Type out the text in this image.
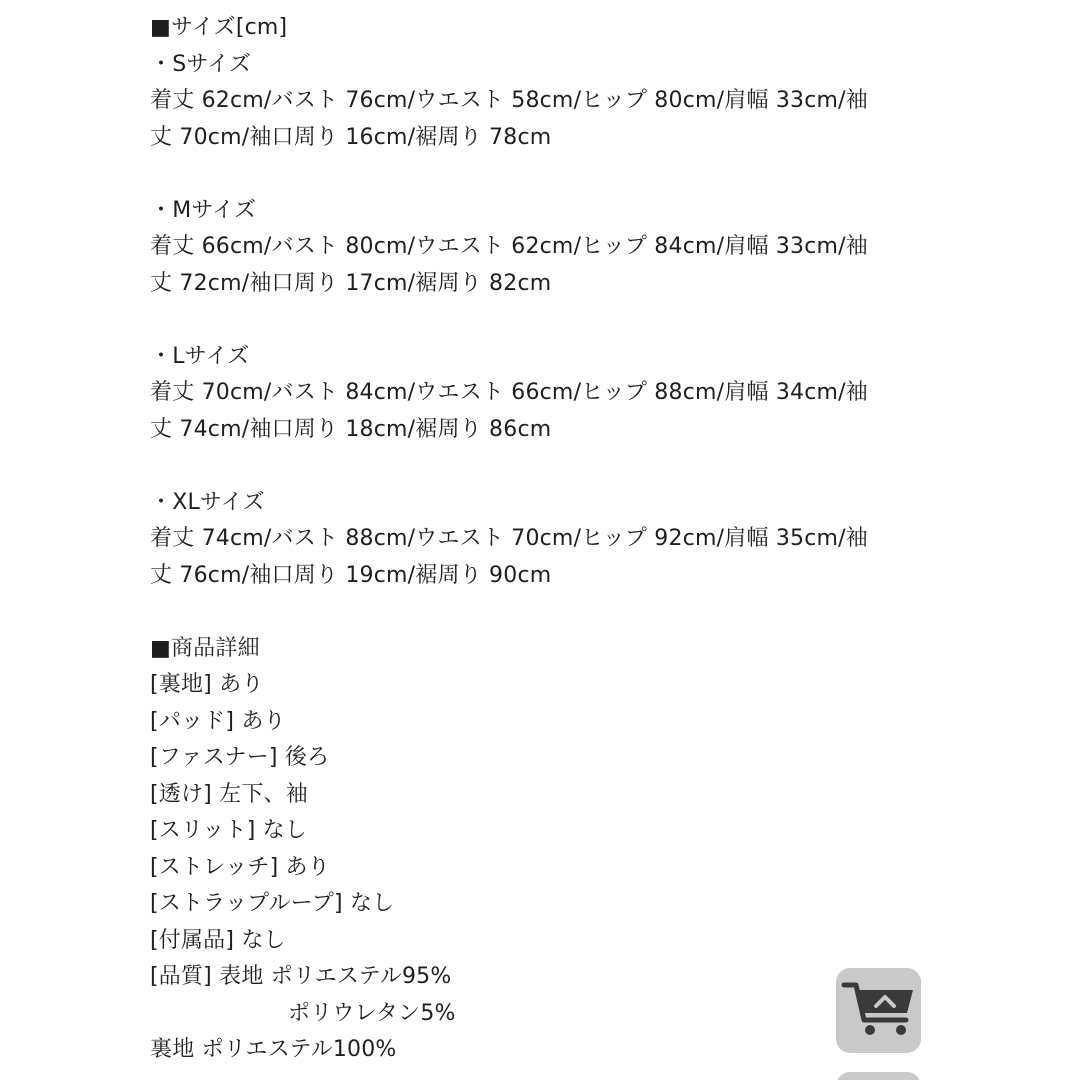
■サイズ[cm]
・Sサイズ
着丈 62cm/バスト 76cm/ウエスト 58cm/ヒップ 80cm/肩幅 33cm/袖
丈 70cm/袖口周り 16cm/裾周り 78cm
・Mサイズ
着丈 66cm/バスト 80cm/ウエスト 62cm/ヒップ 84cm/肩幅 33cm/袖
丈 72cm/袖口周り 17cm/裾周り 82cm
・Lサイズ
着丈 70cm/バスト 84cm/ウエスト 66cm/ヒップ 88cm/肩幅 34cm/袖
丈 74cm/袖口周り 18cm/裾周り 86cm
・XLサイズ
着丈 74cm/バスト 88cm/ウエスト 70cm/ヒップ 92cm/肩幅 35cm/袖
丈 76cm/袖口周り 19cm/裾周り 90cm
■商品詳細
[裏地] あり
[パッド] あり
[ファスナー] 後ろ
[透け] 左下、袖
[スリット] なし
[ストレッチ] あり
[ストラップループ] なし
[付属品] なし
[品質] 表地 ポリエステル95%
ポリウレタン5%
裏地 ポリエステル100%
